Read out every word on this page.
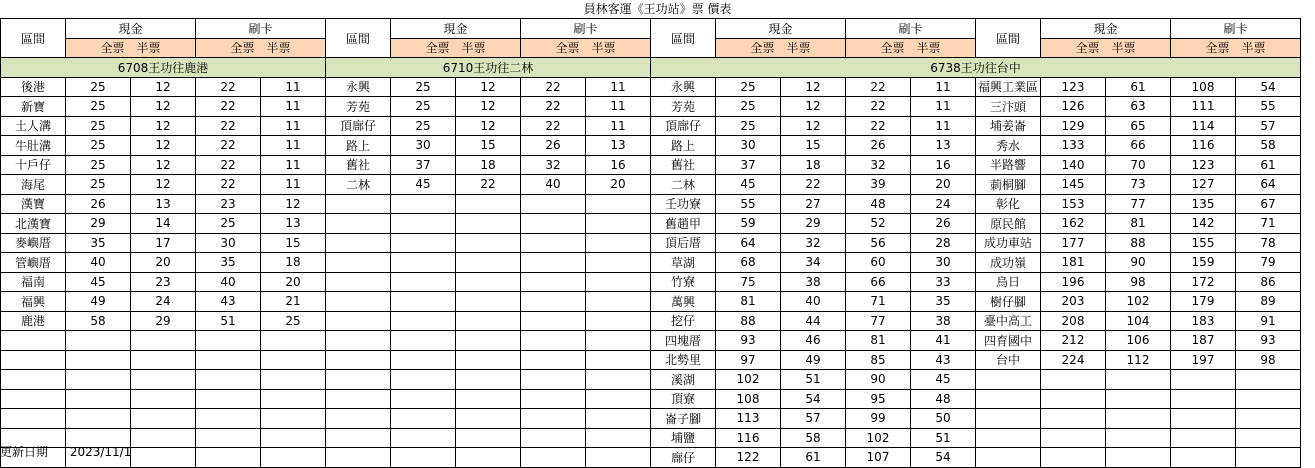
員林客運《王功站》票 價表
區間	現金		刷卡		區間	現金		刷卡		區間	現金		刷卡		區間	現金		刷卡	
	全票　半票		全票　半票			全票　半票		全票　半票			全票　半票		全票　半票			全票　半票		全票　半票	
6708王功往鹿港					6710王功往二林					6738王功往台中									
後港	25	12	22	11	永興	25	12	22	11	永興	25	12	22	11	福興工業區	123	61	108	54
新寶	25	12	22	11	芳苑	25	12	22	11	芳苑	25	12	22	11	三汴頭	126	63	111	55
土人溝	25	12	22	11	頂廍仔	25	12	22	11	頂廍仔	25	12	22	11	埔姜崙	129	65	114	57
牛肚溝	25	12	22	11	路上	30	15	26	13	路上	30	15	26	13	秀水	133	66	116	58
十戶仔	25	12	22	11	舊社	37	18	32	16	舊社	37	18	32	16	半路響	140	70	123	61
海尾	25	12	22	11	二林	45	22	40	20	二林	45	22	39	20	莿桐腳	145	73	127	64
漢寶	26	13	23	12						壬功寮	55	27	48	24	彰化	153	77	135	67
北漢寶	29	14	25	13						舊趙甲	59	29	52	26	原民館	162	81	142	71
麥嶼厝	35	17	30	15						頂后厝	64	32	56	28	成功車站	177	88	155	78
管嶼厝	40	20	35	18						草湖	68	34	60	30	成功嶺	181	90	159	79
福南	45	23	40	20						竹寮	75	38	66	33	烏日	196	98	172	86
福興	49	24	43	21						萬興	81	40	71	35	樹仔腳	203	102	179	89
鹿港	58	29	51	25						挖仔	88	44	77	38	臺中高工	208	104	183	91
										四塊厝	93	46	81	41	四育國中	212	106	187	93
										北勢里	97	49	85	43	台中	224	112	197	98
										溪湖	102	51	90	45					
										頂寮	108	54	95	48					
										崙子腳	113	57	99	50					
										埔鹽	116	58	102	51					
										廍仔	122	61	107	54					
更新日期 2023/11/1
